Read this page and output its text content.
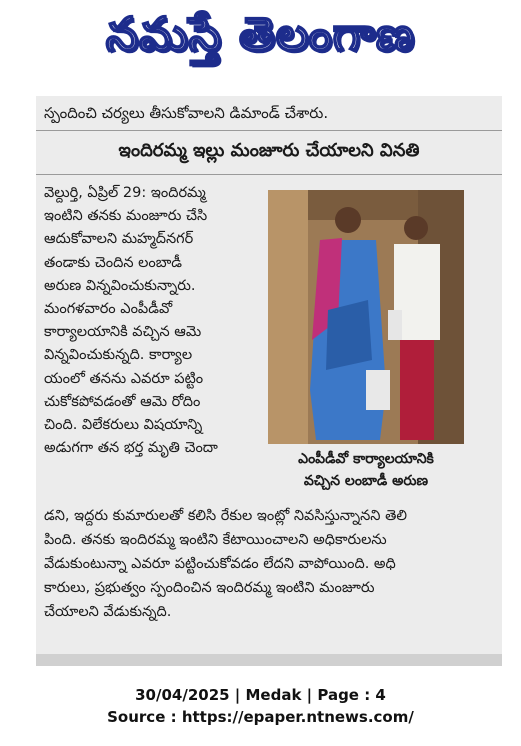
నమస్తే తెలంగాణ
స్పందించి చర్యలు తీసుకోవాలని డిమాండ్ చేశారు.
ఇందిరమ్మ ఇల్లు మంజూరు చేయాలని వినతి
వెల్దుర్తి, ఏప్రిల్ 29: ఇందిరమ్మ
ఇంటిని తనకు మంజూరు చేసి
ఆదుకోవాలని మహ్మద్‌నగర్
తండాకు చెందిన లంబాడీ
అరుణ విన్నవించుకున్నారు.
మంగళవారం ఎంపీడీవో
కార్యాలయానికి వచ్చిన ఆమె
విన్నవించుకున్నది. కార్యాల
యంలో తనను ఎవరూ పట్టిం
చుకోకపోవడంతో ఆమె రోదిం
చింది. విలేకరులు విషయాన్ని
అడుగగా తన భర్త మృతి చెందా
ఎంపీడీవో కార్యాలయానికి
వచ్చిన లంబాడీ అరుణ
డని, ఇద్దరు కుమారులతో కలిసి రేకుల ఇంట్లో నివసిస్తున్నానని తెలి
పింది. తనకు ఇందిరమ్మ ఇంటిని కేటాయించాలని అధికారులను
వేడుకుంటున్నా ఎవరూ పట్టించుకోవడం లేదని వాపోయింది. అధి
కారులు, ప్రభుత్వం స్పందించిన ఇందిరమ్మ ఇంటిని మంజూరు
చేయాలని వేడుకున్నది.
30/04/2025 | Medak | Page : 4
Source : https://epaper.ntnews.com/
